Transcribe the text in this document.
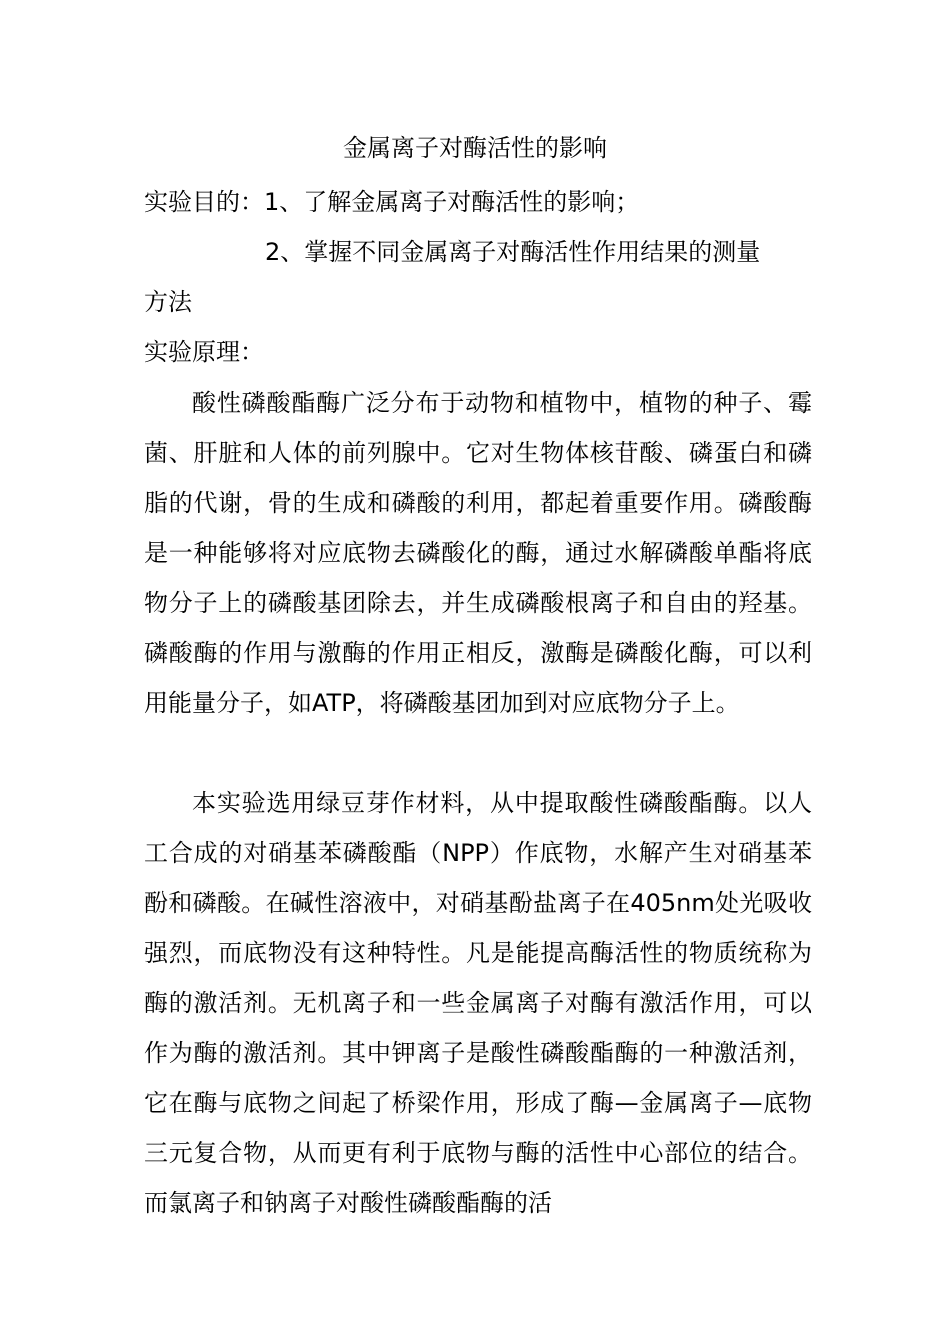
金属离子对酶活性的影响
实验目的：1、了解金属离子对酶活性的影响；
2、掌握不同金属离子对酶活性作用结果的测量
方法
实验原理：
酸性磷酸酯酶广泛分布于动物和植物中，植物的种子、霉菌、肝脏和人体的前列腺中。它对生物体核苷酸、磷蛋白和磷脂的代谢，骨的生成和磷酸的利用，都起着重要作用。磷酸酶是一种能够将对应底物去磷酸化的酶，通过水解磷酸单酯将底物分子上的磷酸基团除去，并生成磷酸根离子和自由的羟基。磷酸酶的作用与激酶的作用正相反，激酶是磷酸化酶，可以利用能量分子，如ATP，将磷酸基团加到对应底物分子上。
本实验选用绿豆芽作材料，从中提取酸性磷酸酯酶。以人工合成的对硝基苯磷酸酯（NPP）作底物，水解产生对硝基苯酚和磷酸。在碱性溶液中，对硝基酚盐离子在405nm处光吸收强烈，而底物没有这种特性。凡是能提高酶活性的物质统称为酶的激活剂。无机离子和一些金属离子对酶有激活作用，可以作为酶的激活剂。其中钾离子是酸性磷酸酯酶的一种激活剂，它在酶与底物之间起了桥梁作用，形成了酶—金属离子—底物三元复合物，从而更有利于底物与酶的活性中心部位的结合。而氯离子和钠离子对酸性磷酸酯酶的活
